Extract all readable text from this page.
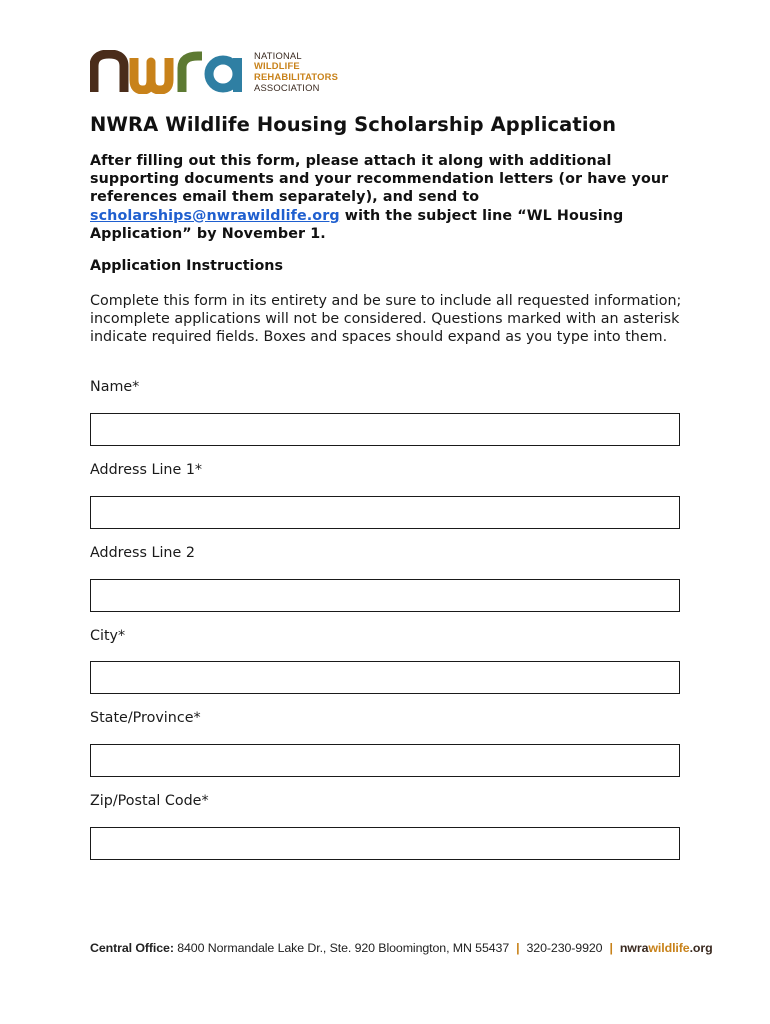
nwra	NATIONAL
WILDLIFE
REHABILITATORS
ASSOCIATION
NWRA Wildlife Housing Scholarship Application

After filling out this form, please attach it along with additional supporting documents and your recommendation letters (or have your references email them separately), and send to scholarships@nwrawildlife.org with the subject line “WL Housing Application” by November 1.

Application Instructions

Complete this form in its entirety and be sure to include all requested information; incomplete applications will not be considered. Questions marked with an asterisk indicate required fields. Boxes and spaces should expand as you type into them.

Name*
Address Line 1*
Address Line 2
City*
State/Province*
Zip/Postal Code*
Central Office: 8400 Normandale Lake Dr., Ste. 920 Bloomington, MN 55437 | 320-230-9920 | nwrawildlife.org
